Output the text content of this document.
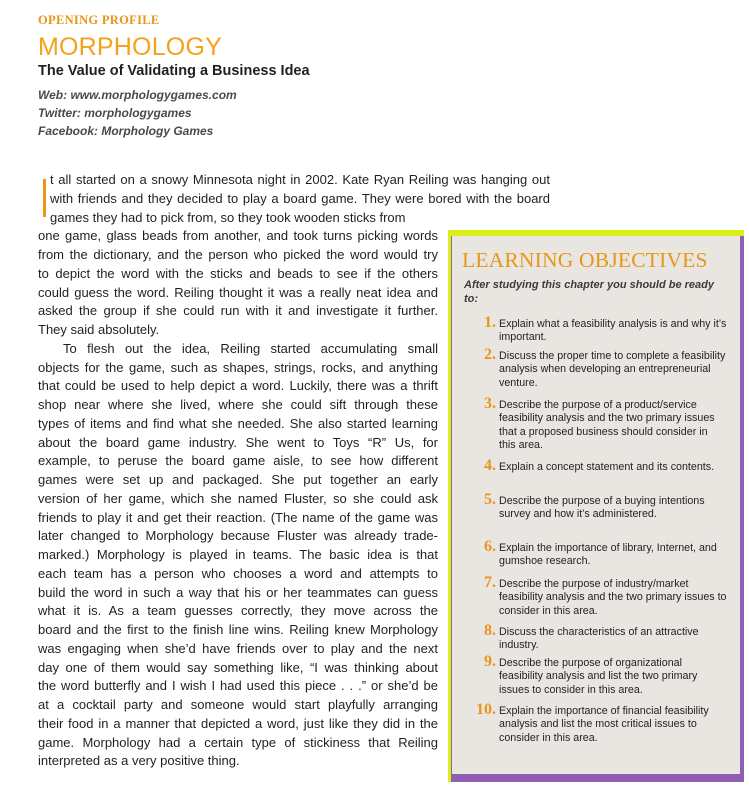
OPENING PROFILE
MORPHOLOGY
The Value of Validating a Business Idea
Web: www.morphologygames.com
Twitter: morphologygames
Facebook: Morphology Games
t all started on a snowy Minnesota night in 2002. Kate Ryan Reiling was hanging out
with friends and they decided to play a board game. They were bored with the board
games they had to pick from, so they took wooden sticks from
one game, glass beads from another, and took turns picking words
from the dictionary, and the person who picked the word would try
to depict the word with the sticks and beads to see if the others
could guess the word. Reiling thought it was a really neat idea and
asked the group if she could run with it and investigate it further.
They said absolutely.
To flesh out the idea, Reiling started accumulating small
objects for the game, such as shapes, strings, rocks, and anything
that could be used to help depict a word. Luckily, there was a thrift
shop near where she lived, where she could sift through these
types of items and find what she needed. She also started learning
about the board game industry. She went to Toys “R” Us, for
example, to peruse the board game aisle, to see how different
games were set up and packaged. She put together an early
version of her game, which she named Fluster, so she could ask
friends to play it and get their reaction. (The name of the game was
later changed to Morphology because Fluster was already trade-
marked.) Morphology is played in teams. The basic idea is that
each team has a person who chooses a word and attempts to
build the word in such a way that his or her teammates can guess
what it is. As a team guesses correctly, they move across the
board and the first to the finish line wins. Reiling knew Morphology
was engaging when she’d have friends over to play and the next
day one of them would say something like, “I was thinking about
the word butterfly and I wish I had used this piece . . .” or she’d be
at a cocktail party and someone would start playfully arranging
their food in a manner that depicted a word, just like they did in the
game. Morphology had a certain type of stickiness that Reiling
interpreted as a very positive thing.
LEARNING OBJECTIVES
After studying this chapter you should be ready to:
1. Explain what a feasibility analysis is and why it’s important.
2. Discuss the proper time to complete a feasibility analysis when developing an entrepreneurial venture.
3. Describe the purpose of a product/service feasibility analysis and the two primary issues that a proposed business should consider in this area.
4. Explain a concept statement and its contents.
5. Describe the purpose of a buying intentions survey and how it’s administered.
6. Explain the importance of library, Internet, and gumshoe research.
7. Describe the purpose of industry/market feasibility analysis and the two primary issues to consider in this area.
8. Discuss the characteristics of an attractive industry.
9. Describe the purpose of organizational feasibility analysis and list the two primary issues to consider in this area.
10. Explain the importance of financial feasibility analysis and list the most critical issues to consider in this area.
